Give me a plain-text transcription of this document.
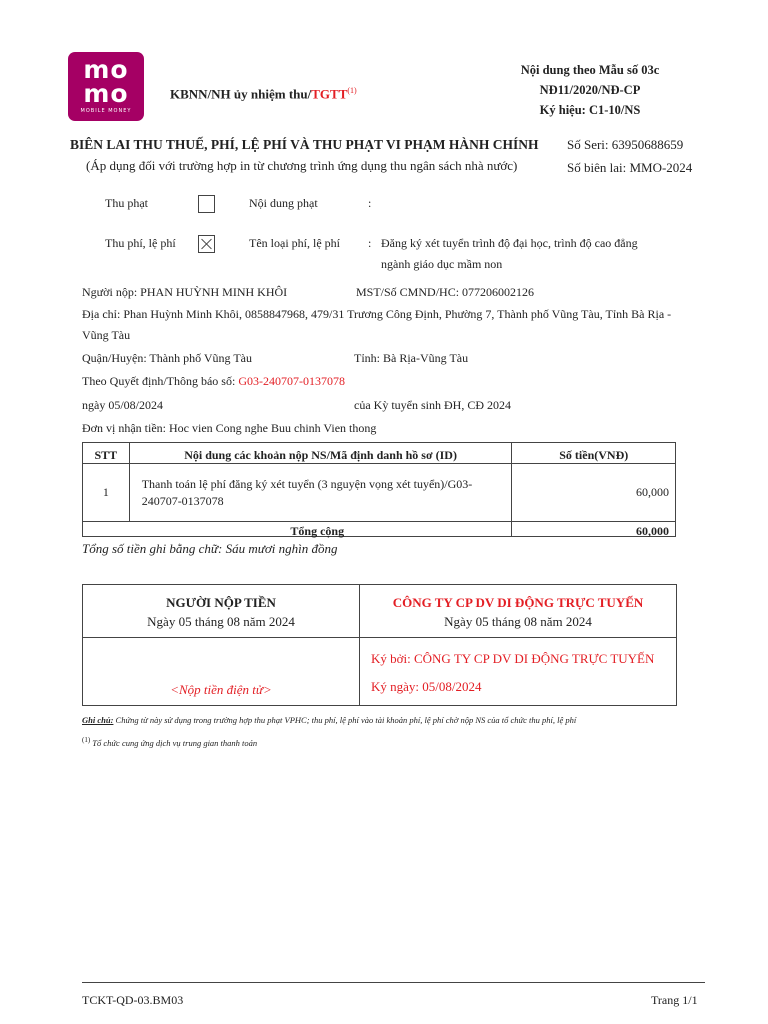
mo
mo
MOBILE MONEY
KBNN/NH ủy nhiệm thu/TGTT$^{(1)}$
Nội dung theo Mẫu số 03c
NĐ11/2020/NĐ-CP
Ký hiệu: C1-10/NS
BIÊN LAI THU THUẾ, PHÍ, LỆ PHÍ VÀ THU PHẠT VI PHẠM HÀNH CHÍNH
(Áp dụng đối với trường hợp in từ chương trình ứng dụng thu ngân sách nhà nước)
Số Seri: 63950688659
Số biên lai: MMO-2024
Thu phạt	Nội dung phạt	:
Thu phí, lệ phí	Tên loại phí, lệ phí : Đăng ký xét tuyển trình độ đại học, trình độ cao đẳng
ngành giáo dục mầm non
Người nộp: PHAN HUỲNH MINH KHÔI	MST/Số CMND/HC: 077206002126
Địa chỉ: Phan Huỳnh Minh Khôi, 0858847968, 479/31 Trương Công Định, Phường 7, Thành phố Vũng Tàu, Tỉnh Bà Rịa -
Vũng Tàu
Quận/Huyện: Thành phố Vũng Tàu	Tỉnh: Bà Rịa-Vũng Tàu
Theo Quyết định/Thông báo số: G03-240707-0137078
ngày 05/08/2024	của Kỳ tuyển sinh ĐH, CĐ 2024
Đơn vị nhận tiền: Hoc vien Cong nghe Buu chinh Vien thong
STT	Nội dung các khoản nộp NS/Mã định danh hồ sơ (ID)	Số tiền(VNĐ)
1	Thanh toán lệ phí đăng ký xét tuyển (3 nguyện vọng xét tuyển)/G03-
240707-0137078	60,000
Tổng cộng		60,000
Tổng số tiền ghi bằng chữ: Sáu mươi nghìn đồng
NGƯỜI NỘP TIỀN
Ngày 05 tháng 08 năm 2024
CÔNG TY CP DV DI ĐỘNG TRỰC TUYẾN
Ngày 05 tháng 08 năm 2024
<Nộp tiền điện tử>
Ký bởi: CÔNG TY CP DV DI ĐỘNG TRỰC TUYẾN
Ký ngày: 05/08/2024
Ghi chú: Chứng từ này sử dụng trong trường hợp thu phạt VPHC; thu phí, lệ phí vào tài khoản phí, lệ phí chờ nộp NS của tổ chức thu phí, lệ phí
$^{(1)}$ Tổ chức cung ứng dịch vụ trung gian thanh toán
TCKT-QD-03.BM03	Trang 1/1
